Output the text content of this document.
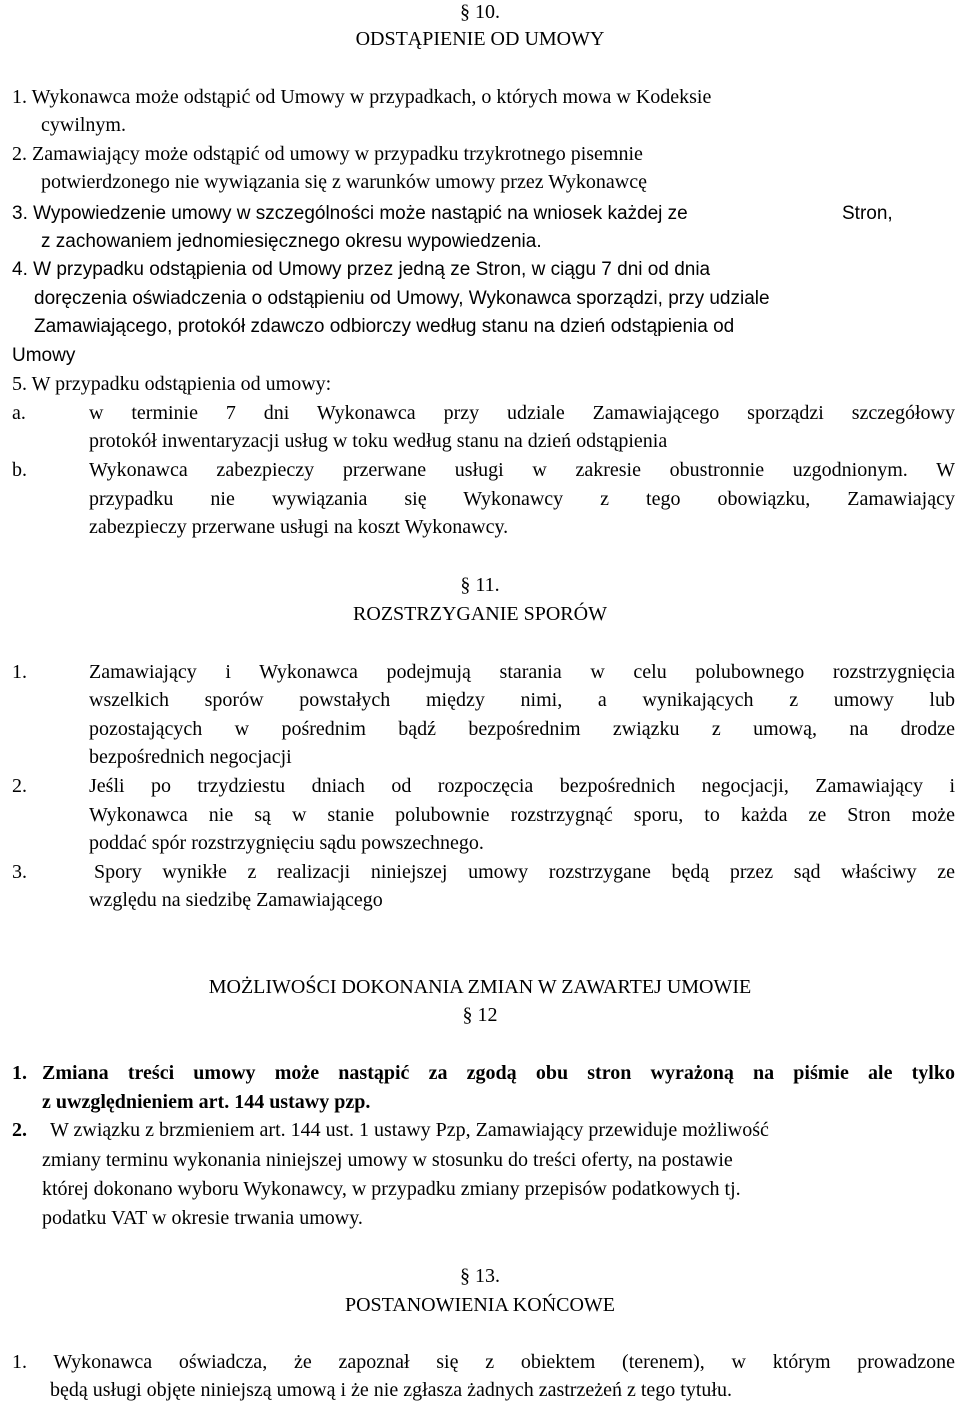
§ 10.
ODSTĄPIENIE OD UMOWY
1. Wykonawca może odstąpić od Umowy w przypadkach, o których mowa w Kodeksie
cywilnym.
2. Zamawiający może odstąpić od umowy w przypadku trzykrotnego pisemnie
potwierdzonego nie wywiązania się z warunków umowy przez Wykonawcę
3. Wypowiedzenie umowy w szczególności może nastąpić na wniosek każdej ze	Stron,
z zachowaniem jednomiesięcznego okresu wypowiedzenia.
4. W przypadku odstąpienia od Umowy przez jedną ze Stron, w ciągu 7 dni od dnia
doręczenia oświadczenia o odstąpieniu od Umowy, Wykonawca sporządzi, przy udziale
Zamawiającego, protokół zdawczo odbiorczy według stanu na dzień odstąpienia od
Umowy
5. W przypadku odstąpienia od umowy:
a.	w terminie 7 dni Wykonawca przy udziale Zamawiającego sporządzi szczegółowy
protokół inwentaryzacji usług w toku według stanu na dzień odstąpienia
b.	Wykonawca zabezpieczy przerwane usługi w zakresie obustronnie uzgodnionym. W
przypadku nie wywiązania się Wykonawcy z tego obowiązku, Zamawiający
zabezpieczy przerwane usługi na koszt Wykonawcy.
§ 11.
ROZSTRZYGANIE SPORÓW
1.	Zamawiający i Wykonawca podejmują starania w celu polubownego rozstrzygnięcia
wszelkich sporów powstałych między nimi, a wynikających z umowy lub
pozostających w pośrednim bądź bezpośrednim związku z umową, na drodze
bezpośrednich negocjacji
2.	Jeśli po trzydziestu dniach od rozpoczęcia bezpośrednich negocjacji, Zamawiający i
Wykonawca nie są w stanie polubownie rozstrzygnąć sporu, to każda ze Stron może
poddać spór rozstrzygnięciu sądu powszechnego.
3.	Spory wynikłe z realizacji niniejszej umowy rozstrzygane będą przez sąd właściwy ze
względu na siedzibę Zamawiającego
MOŻLIWOŚCI DOKONANIA ZMIAN W ZAWARTEJ UMOWIE
§ 12
1. Zmiana treści umowy może nastąpić za zgodą obu stron wyrażoną na piśmie ale tylko
z uwzględnieniem art. 144 ustawy pzp.
2. W związku z brzmieniem art. 144 ust. 1 ustawy Pzp, Zamawiający przewiduje możliwość
zmiany terminu wykonania niniejszej umowy w stosunku do treści oferty, na postawie
której dokonano wyboru Wykonawcy, w przypadku zmiany przepisów podatkowych tj.
podatku VAT w okresie trwania umowy.
§ 13.
POSTANOWIENIA KOŃCOWE
1. Wykonawca oświadcza, że zapoznał się z obiektem (terenem), w którym prowadzone
będą usługi objęte niniejszą umową i że nie zgłasza żadnych zastrzeżeń z tego tytułu.
